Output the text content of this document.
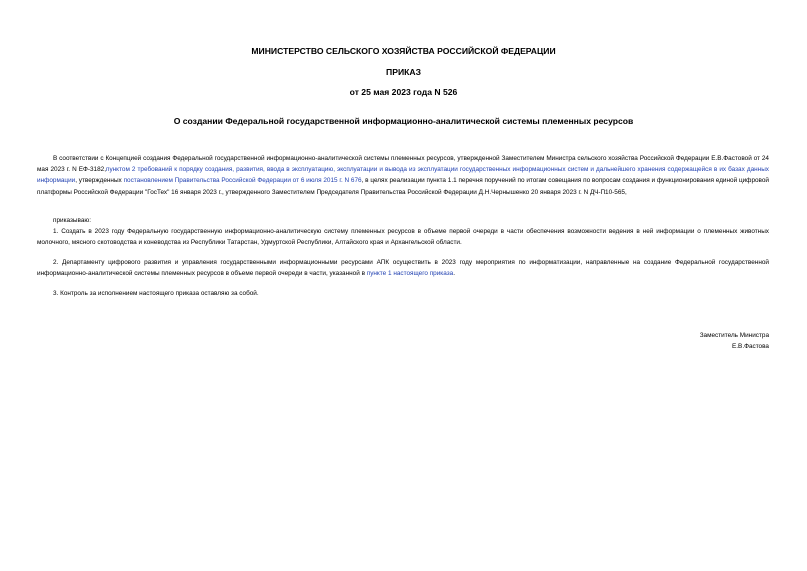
МИНИСТЕРСТВО СЕЛЬСКОГО ХОЗЯЙСТВА РОССИЙСКОЙ ФЕДЕРАЦИИ
ПРИКАЗ
от 25 мая 2023 года N 526
О создании Федеральной государственной информационно-аналитической системы племенных ресурсов
В соответствии с Концепцией создания Федеральной государственной информационно-аналитической системы племенных ресурсов, утвержденной Заместителем Министра сельского хозяйства Российской Федерации Е.В.Фастовой от 24 мая 2023 г. N ЕФ-3182,пунктом 2 требований к порядку создания, развития, ввода в эксплуатацию, эксплуатации и вывода из эксплуатации государственных информационных систем и дальнейшего хранения содержащейся в их базах данных информации, утвержденных постановлением Правительства Российской Федерации от 6 июля 2015 г. N 676, в целях реализации пункта 1.1 перечня поручений по итогам совещания по вопросам создания и функционирования единой цифровой платформы Российской Федерации "ГосТех" 16 января 2023 г., утвержденного Заместителем Председателя Правительства Российской Федерации Д.Н.Чернышенко 20 января 2023 г. N ДЧ-П10-565,
приказываю:
1. Создать в 2023 году Федеральную государственную информационно-аналитическую систему племенных ресурсов в объеме первой очереди в части обеспечения возможности ведения в ней информации о племенных животных молочного, мясного скотоводства и коневодства из Республики Татарстан, Удмуртской Республики, Алтайского края и Архангельской области.
2. Департаменту цифрового развития и управления государственными информационными ресурсами АПК осуществить в 2023 году мероприятия по информатизации, направленные на создание Федеральной государственной информационно-аналитической системы племенных ресурсов в объеме первой очереди в части, указанной в пункте 1 настоящего приказа.
3. Контроль за исполнением настоящего приказа оставляю за собой.
Заместитель Министра
Е.В.Фастова
